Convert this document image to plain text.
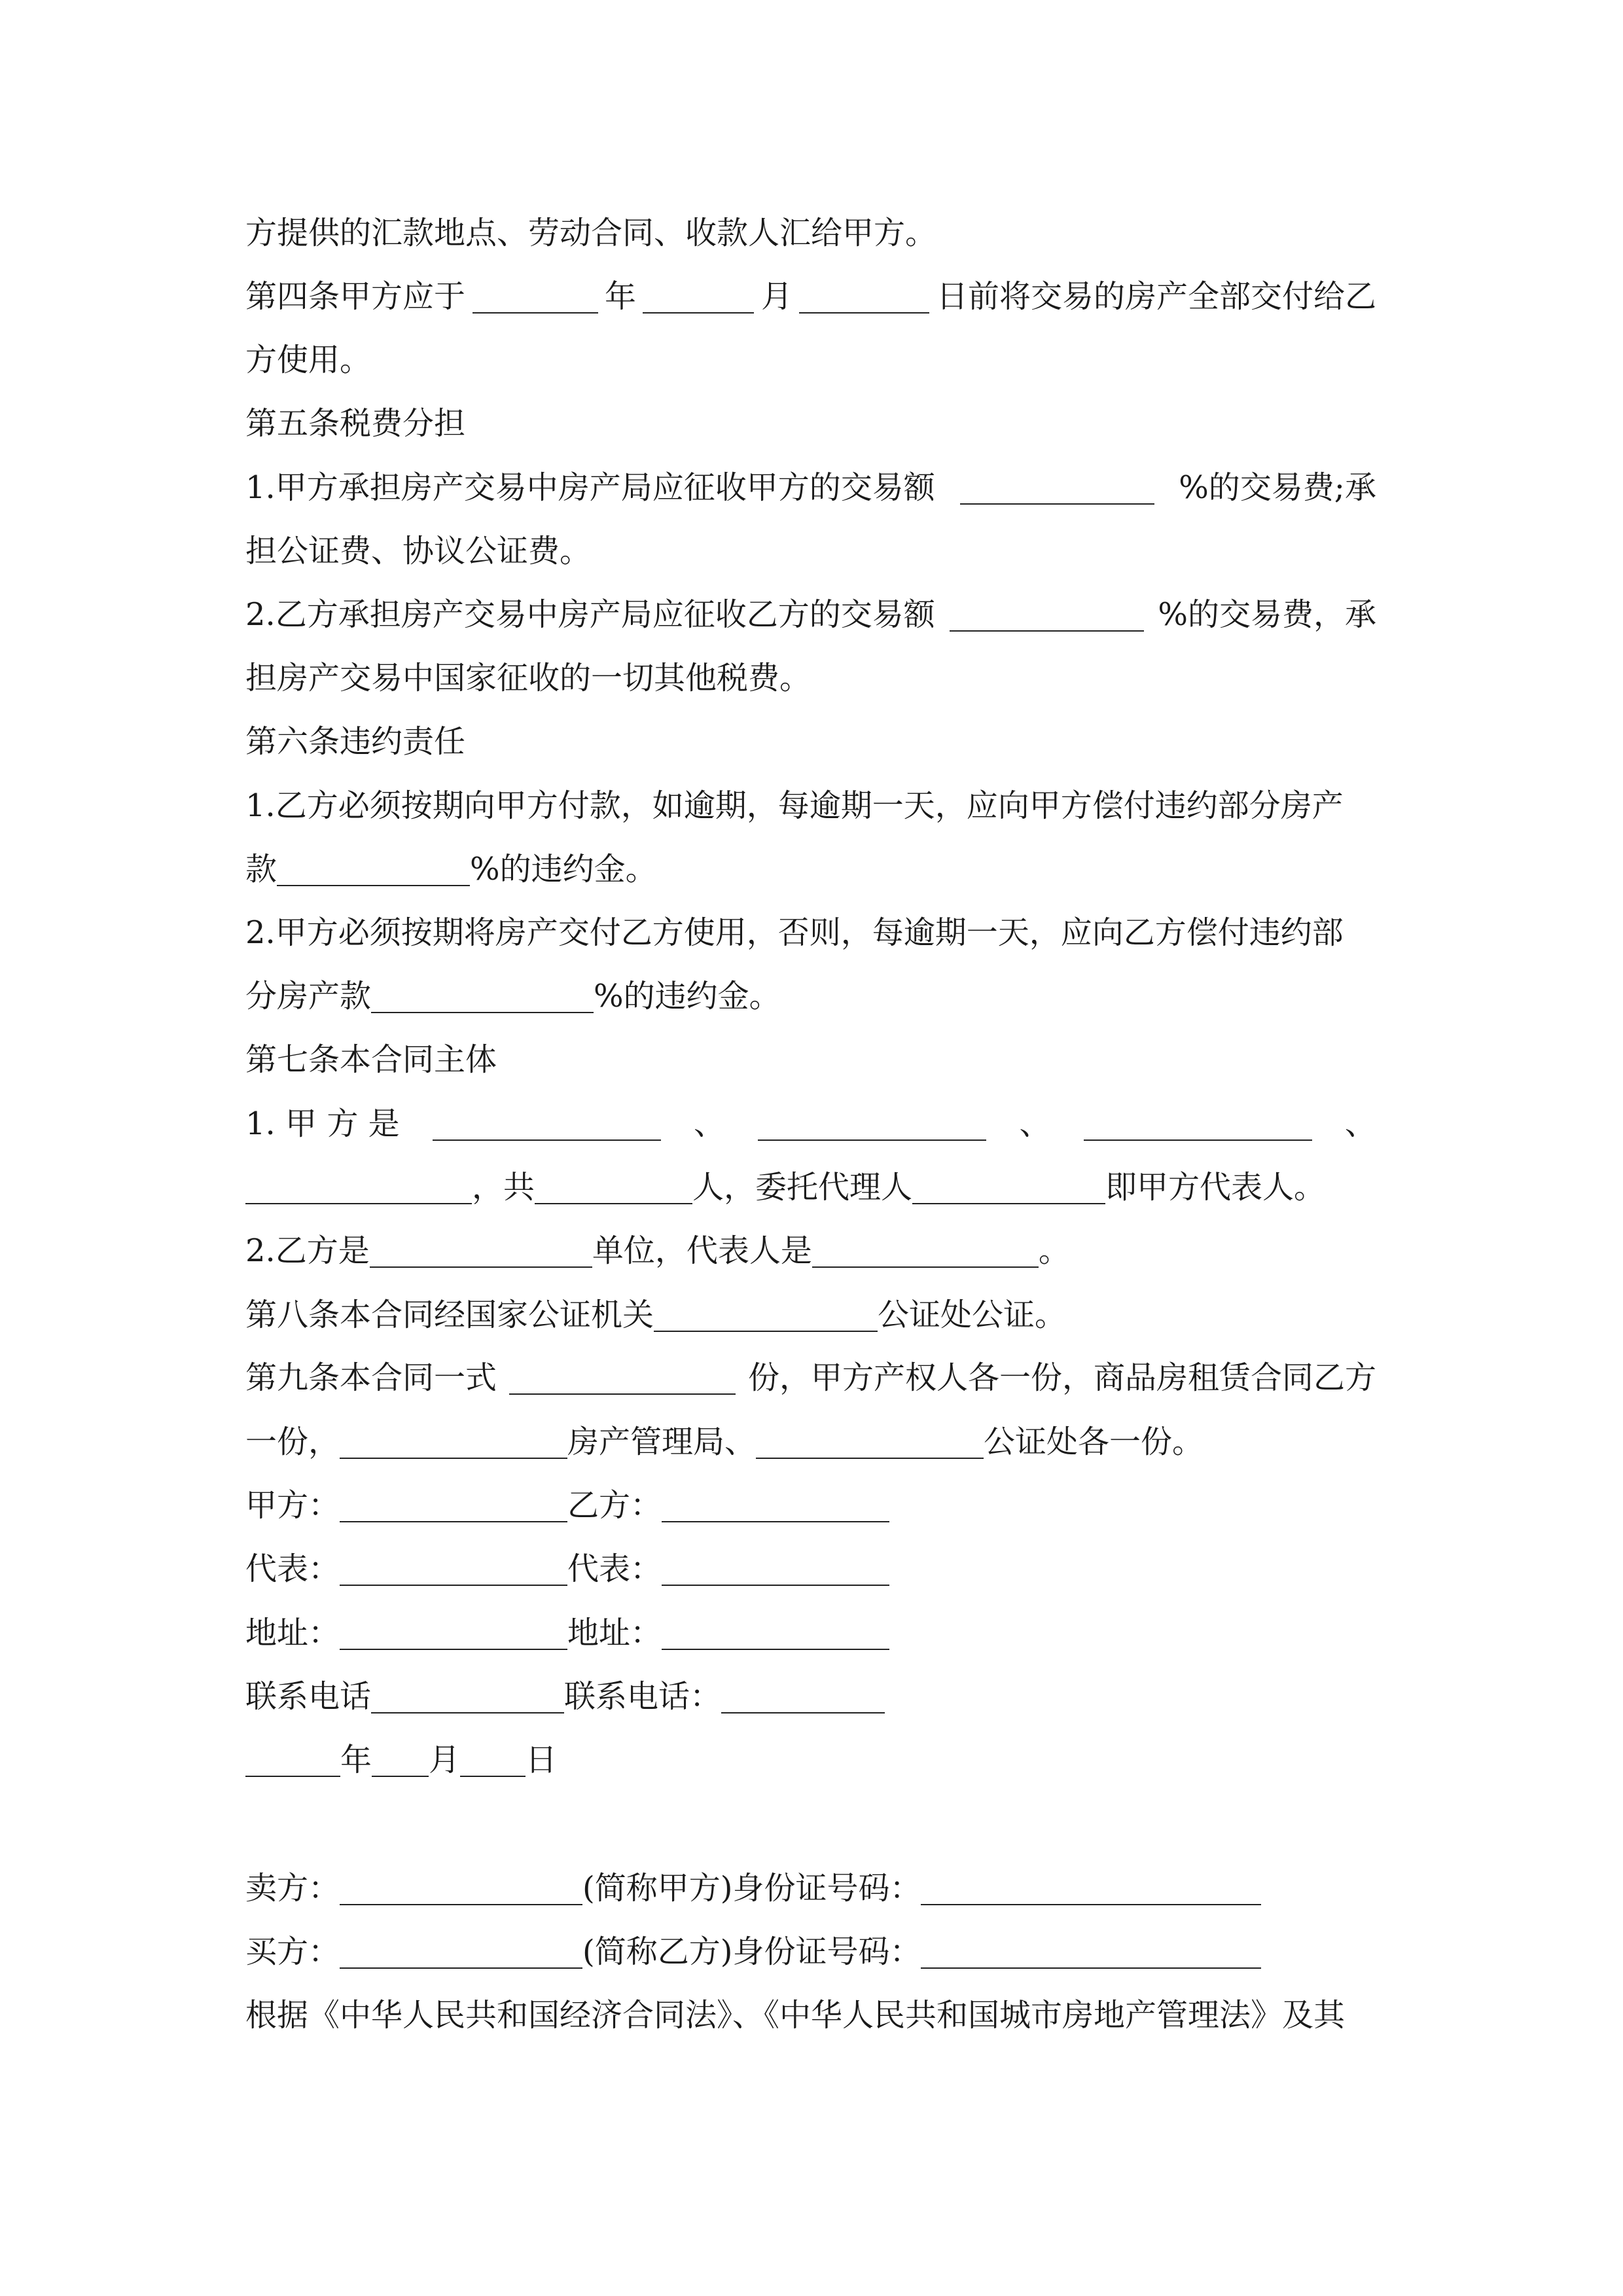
方提供的汇款地点、劳动合同、收款人汇给甲方。
第四条甲方应于	年	月	日前将交易的房产全部交付给乙
方使用。
第五条税费分担
1.甲方承担房产交易中房产局应征收甲方的交易额	%的交易费;承
担公证费、协议公证费。
2.乙方承担房产交易中房产局应征收乙方的交易额	%的交易费，承
担房产交易中国家征收的一切其他税费。
第六条违约责任
1.乙方必须按期向甲方付款，如逾期，每逾期一天，应向甲方偿付违约部分房产
款	%的违约金。
2.甲方必须按期将房产交付乙方使用，否则，每逾期一天，应向乙方偿付违约部
分房产款	%的违约金。
第七条本合同主体
1. 甲 方 是	、	、	、
，共	人，委托代理人	即甲方代表人。
2.乙方是	单位，代表人是	。
第八条本合同经国家公证机关	公证处公证。
第九条本合同一式	份，甲方产权人各一份，商品房租赁合同乙方
一份，	房产管理局、	公证处各一份。
甲方：	乙方：
代表：	代表：
地址：	地址：
联系电话	联系电话：
年 月 日
卖方：	(简称甲方)身份证号码：
买方：	(简称乙方)身份证号码：
根据《中华人民共和国经济合同法》、《中华人民共和国城市房地产管理法》及其
